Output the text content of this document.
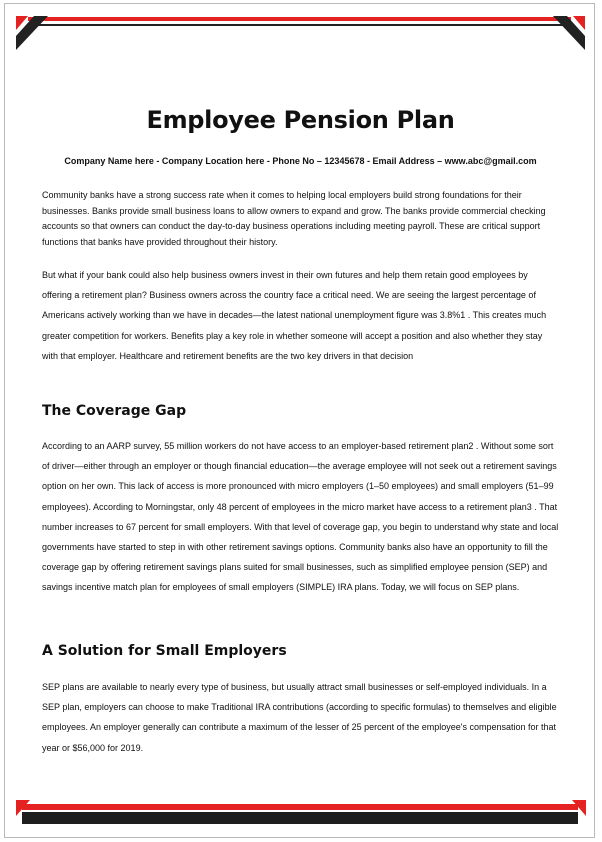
Employee Pension Plan
Company Name here - Company Location here - Phone No – 12345678 - Email Address – www.abc@gmail.com

Community banks have a strong success rate when it comes to helping local employers build strong foundations for their businesses. Banks provide small business loans to allow owners to expand and grow. The banks provide commercial checking accounts so that owners can conduct the day-to-day business operations including meeting payroll. These are critical support functions that banks have provided throughout their history.

But what if your bank could also help business owners invest in their own futures and help them retain good employees by offering a retirement plan? Business owners across the country face a critical need. We are seeing the largest percentage of Americans actively working than we have in decades—the latest national unemployment figure was 3.8%1 . This creates much greater competition for workers. Benefits play a key role in whether someone will accept a position and also whether they stay with that employer. Healthcare and retirement benefits are the two key drivers in that decision

The Coverage Gap

According to an AARP survey, 55 million workers do not have access to an employer-based retirement plan2 . Without some sort of driver—either through an employer or though financial education—the average employee will not seek out a retirement savings option on her own. This lack of access is more pronounced with micro employers (1–50 employees) and small employers (51–99 employees). According to Morningstar, only 48 percent of employees in the micro market have access to a retirement plan3 . That number increases to 67 percent for small employers. With that level of coverage gap, you begin to understand why state and local governments have started to step in with other retirement savings options. Community banks also have an opportunity to fill the coverage gap by offering retirement savings plans suited for small businesses, such as simplified employee pension (SEP) and savings incentive match plan for employees of small employers (SIMPLE) IRA plans. Today, we will focus on SEP plans.

A Solution for Small Employers

SEP plans are available to nearly every type of business, but usually attract small businesses or self-employed individuals. In a SEP plan, employers can choose to make Traditional IRA contributions (according to specific formulas) to themselves and eligible employees. An employer generally can contribute a maximum of the lesser of 25 percent of the employee's compensation for that year or $56,000 for 2019.
